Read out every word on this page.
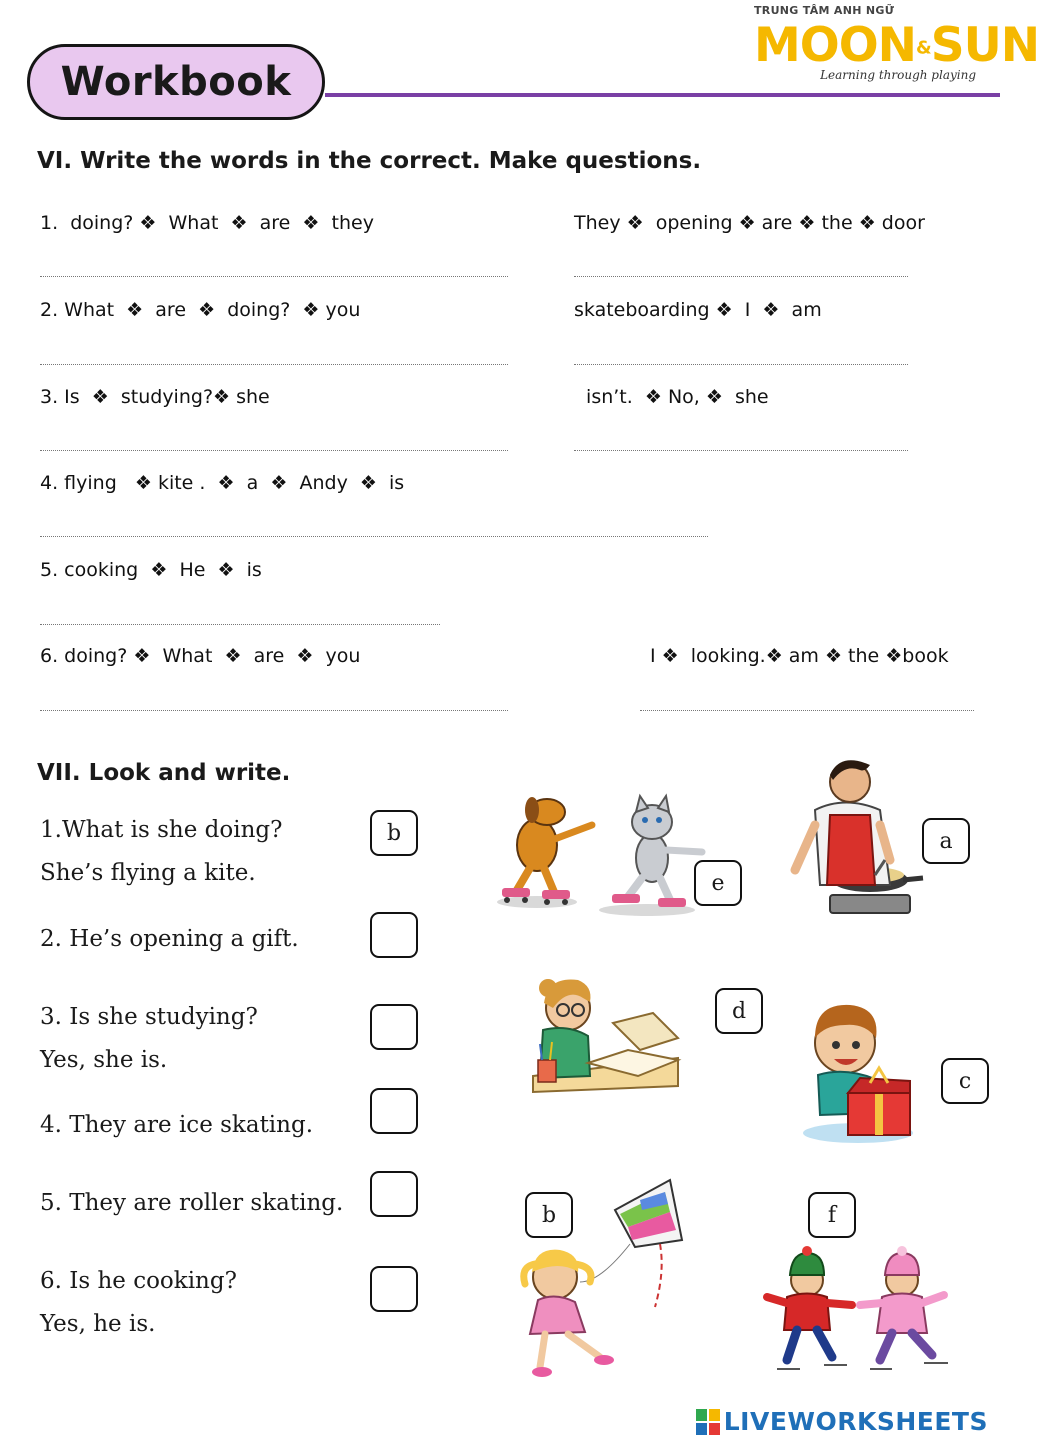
Workbook
TRUNG TÂM ANH NGỮ
MOON&SUN
Learning through playing
VI. Write the words in the correct. Make questions.
1.  doing? ❖  What  ❖  are  ❖  they
2. What  ❖  are  ❖  doing?  ❖ you
3. Is  ❖  studying?❖ she
4. flying   ❖ kite .  ❖  a  ❖  Andy  ❖  is
5. cooking  ❖  He  ❖  is
6. doing? ❖  What  ❖  are  ❖  you
They ❖  opening ❖ are ❖ the ❖ door
skateboarding ❖  I  ❖  am
isn’t.  ❖ No, ❖  she
I ❖  looking.❖ am ❖ the ❖book
VII. Look and write.
1.What is she doing?
She’s flying a kite.
b
2. He’s opening a gift.
3. Is she studying?
Yes, she is.
4. They are ice skating.
5. They are roller skating.
6. Is he cooking?
Yes, he is.
e
a
d
c
b	f
LIVEWORKSHEETS
